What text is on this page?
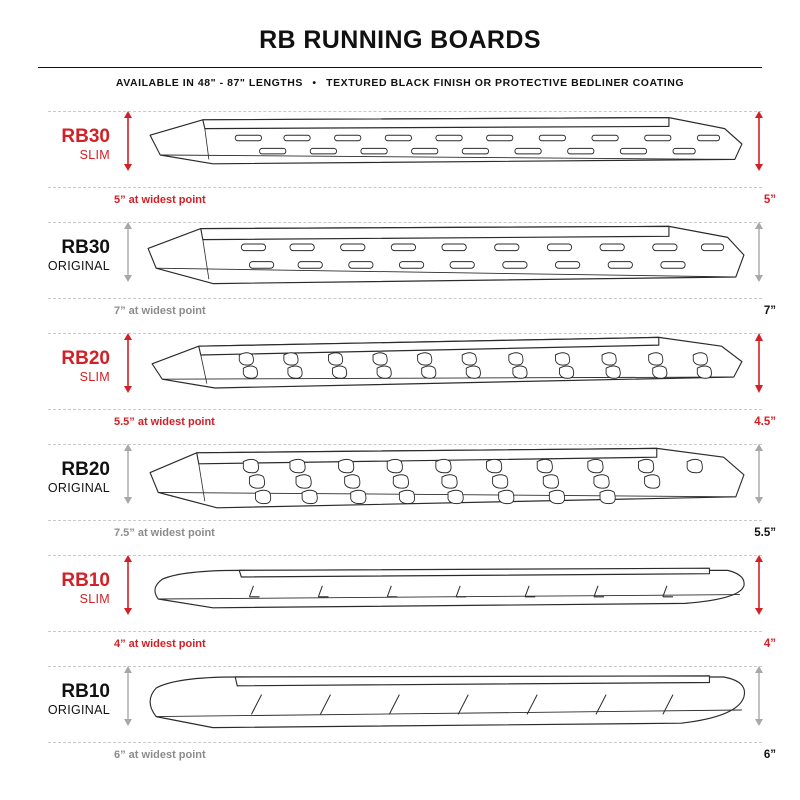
RB RUNNING BOARDS
AVAILABLE IN 48" - 87" LENGTHS • TEXTURED BLACK FINISH OR PROTECTIVE BEDLINER COATING
RB30
SLIM
5” at widest point	5”
RB30
ORIGINAL
7” at widest point	7”
RB20
SLIM
5.5” at widest point	4.5”
RB20
ORIGINAL
7.5” at widest point	5.5”
RB10
SLIM
4” at widest point	4”
RB10
ORIGINAL
6” at widest point	6”
